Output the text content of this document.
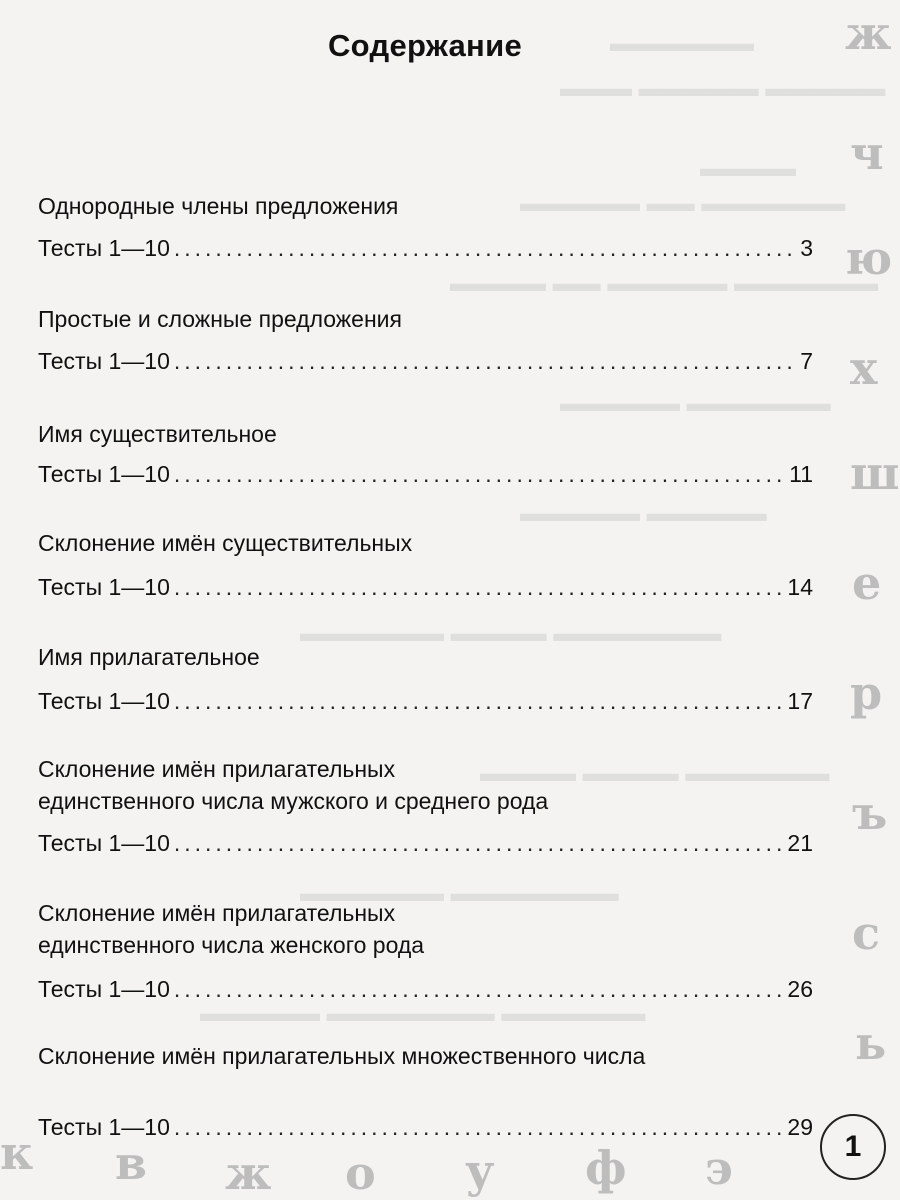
▬▬▬▬▬▬
▬▬▬▬▬ ▬▬▬▬▬ ▬▬▬
▬▬▬▬
▬▬▬▬▬▬ ▬▬ ▬▬▬▬▬
▬▬▬▬▬▬ ▬▬▬▬▬ ▬▬ ▬▬▬▬
▬▬▬▬▬▬ ▬▬▬▬▬
▬▬▬▬▬ ▬▬▬▬▬
▬▬▬▬▬▬▬ ▬▬▬▬ ▬▬▬▬▬▬
▬▬▬▬▬▬ ▬▬▬▬ ▬▬▬▬
▬▬▬▬▬▬▬ ▬▬▬▬▬▬
▬▬▬▬▬▬ ▬▬▬▬▬▬▬ ▬▬▬▬▬
ж
ч
ю
х
ш
е
р
ъ
с
ь
к в ж о у ф э
Содержание
Однородные члены предложения
Тесты 1—10 . . .	3
Простые и сложные предложения
Тесты 1—10 . . .	7
Имя существительное
Тесты 1—10 . . .	11
Склонение имён существительных
Тесты 1—10 . . .	14
Имя прилагательное
Тесты 1—10 . . .	17
Склонение имён прилагательных
единственного числа мужского и среднего рода
Тесты 1—10 . . .	21
Склонение имён прилагательных
единственного числа женского рода
Тесты 1—10 . . .	26
Склонение имён прилагательных множественного числа
Тесты 1—10 . . .	29
1
